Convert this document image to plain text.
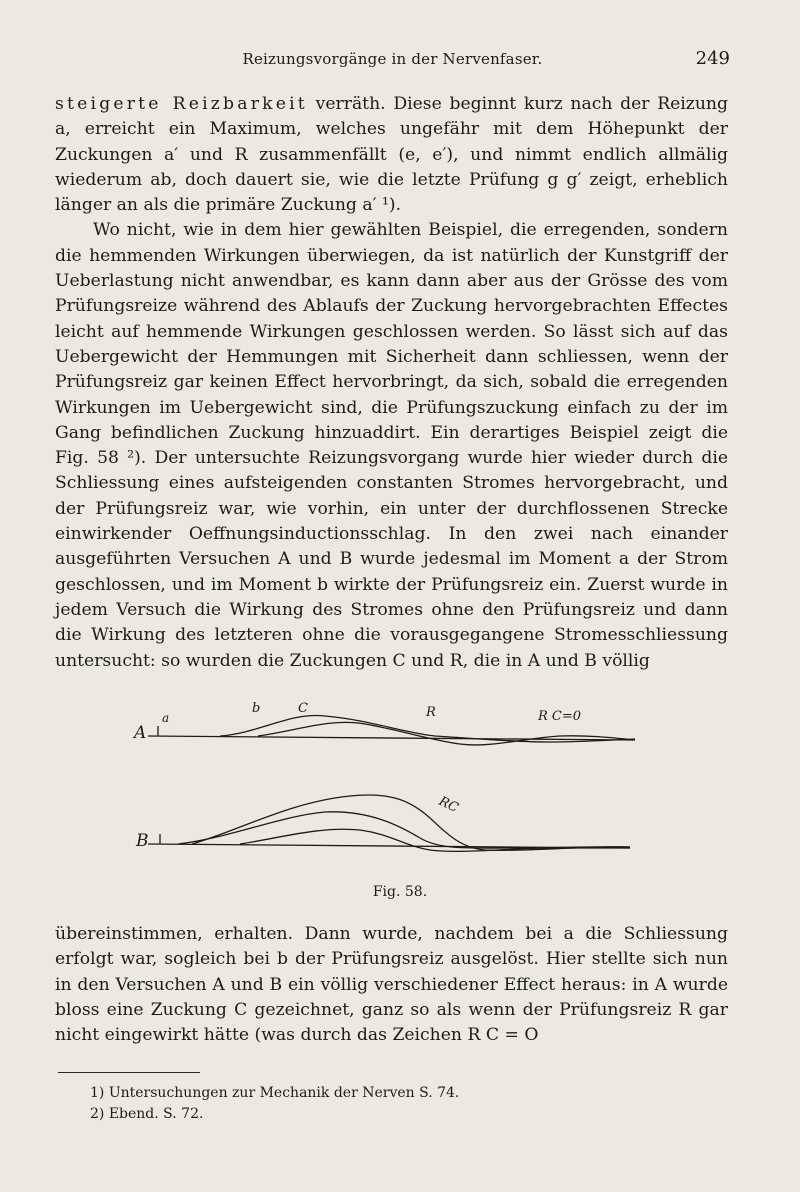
Reizungsvorgänge in der Nervenfaser.	249

steigerte Reizbarkeit verräth. Diese beginnt kurz nach der Reizung a, erreicht ein Maximum, welches ungefähr mit dem Höhepunkt der Zuckungen a′ und R zusammenfällt (e, e′), und nimmt endlich allmälig wiederum ab, doch dauert sie, wie die letzte Prüfung g g′ zeigt, erheblich länger an als die primäre Zuckung a′ ¹).

Wo nicht, wie in dem hier gewählten Beispiel, die erregenden, sondern die hemmenden Wirkungen überwiegen, da ist natürlich der Kunstgriff der Ueberlastung nicht anwendbar, es kann dann aber aus der Grösse des vom Prüfungsreize während des Ablaufs der Zuckung hervorgebrachten Effectes leicht auf hemmende Wirkungen geschlossen werden. So lässt sich auf das Uebergewicht der Hemmungen mit Sicherheit dann schliessen, wenn der Prüfungsreiz gar keinen Effect hervorbringt, da sich, sobald die erregenden Wirkungen im Uebergewicht sind, die Prüfungszuckung einfach zu der im Gang befindlichen Zuckung hinzuaddirt. Ein derartiges Beispiel zeigt die Fig. 58 ²). Der untersuchte Reizungsvorgang wurde hier wieder durch die Schliessung eines aufsteigenden constanten Stromes hervorgebracht, und der Prüfungsreiz war, wie vorhin, ein unter der durchflossenen Strecke einwirkender Oeffnungsinductionsschlag. In den zwei nach einander ausgeführten Versuchen A und B wurde jedesmal im Moment a der Strom geschlossen, und im Moment b wirkte der Prüfungsreiz ein. Zuerst wurde in jedem Versuch die Wirkung des Stromes ohne den Prüfungsreiz und dann die Wirkung des letzteren ohne die vorausgegangene Stromesschliessung untersucht: so wurden die Zuckungen C und R, die in A und B völlig

A
a
b	C	R	R C=0
RC
B
Fig. 58.

übereinstimmen, erhalten. Dann wurde, nachdem bei a die Schliessung erfolgt war, sogleich bei b der Prüfungsreiz ausgelöst. Hier stellte sich nun in den Versuchen A und B ein völlig verschiedener Effect heraus: in A wurde bloss eine Zuckung C gezeichnet, ganz so als wenn der Prüfungsreiz R gar nicht eingewirkt hätte (was durch das Zeichen R C = O

1) Untersuchungen zur Mechanik der Nerven S. 74.
2) Ebend. S. 72.
